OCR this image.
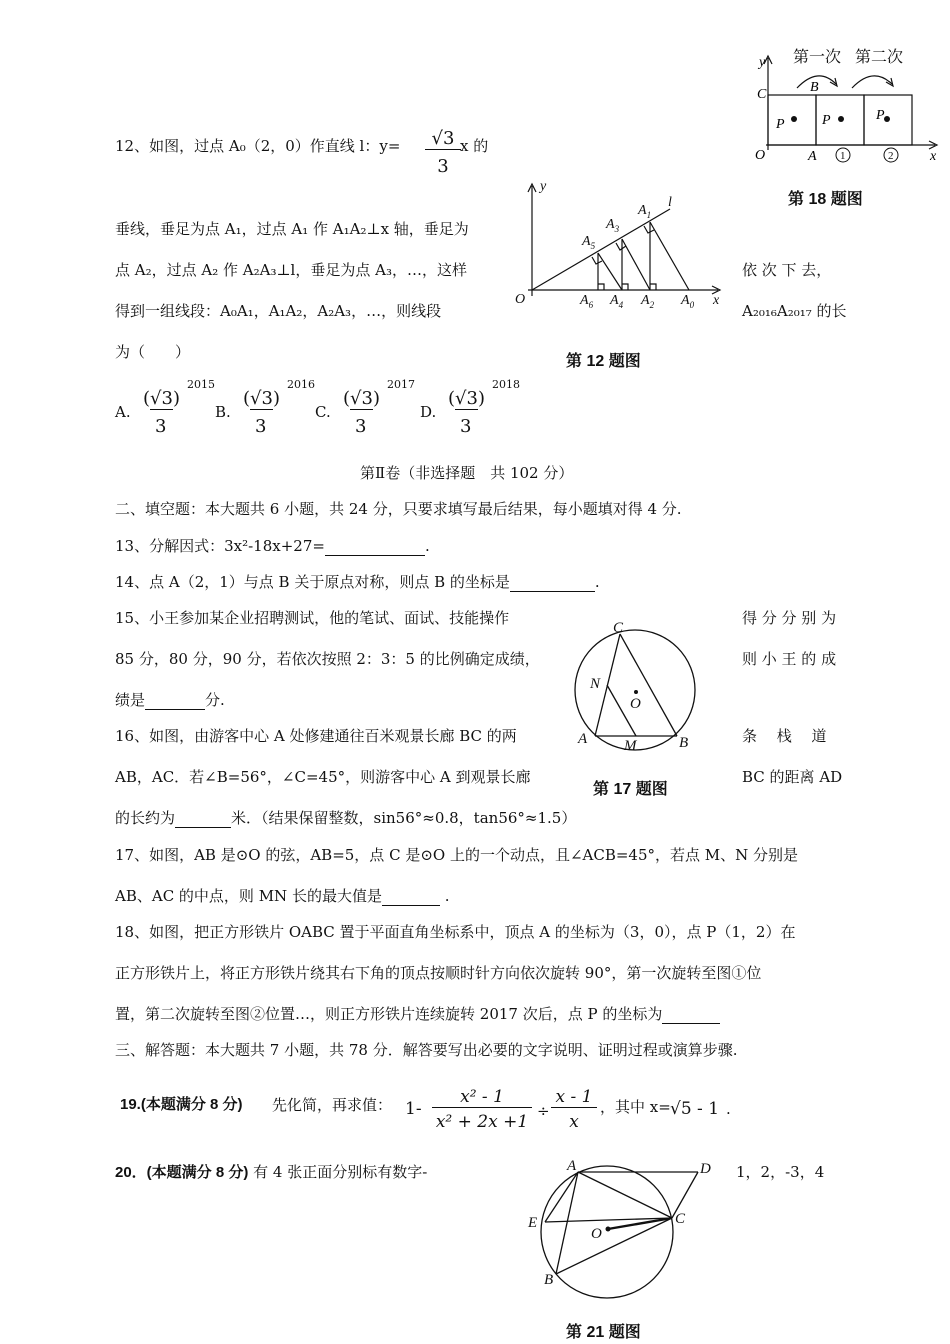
y
C	B
P	P	P
O	A	x
1	2
第一次 第二次
第 18 题图
12、如图，过点 A₀（2，0）作直线 l：$y= \frac{√3}{3}$ x 的
垂线，垂足为点 A₁，过点 A₁ 作 A₁A₂⊥x 轴，垂足为
点 A₂，过点 A₂ 作 A₂A₃⊥l，垂足为点 A₃，…，这样	依 次 下 去，
得到一组线段：A₀A₁，A₁A₂，A₂A₃，…，则线段	A₂₀₁₆A₂₀₁₇ 的长
为（　　）
y
l
$A_1$
$A_3$
$A_5$
O	$A_6$ $A_4$ $A_2$ $A_0$ x
第 12 题图
A.
(√3)
3
2015
B.
(√3)
3
2016
C.
(√3)
3
2017
D.
(√3)
3
2018
第Ⅱ卷（非选择题　共 102 分）
二、填空题：本大题共 6 小题，共 24 分，只要求填写最后结果，每小题填对得 4 分.
13、分解因式：3x²-18x+27=	.
14、点 A（2，1）与点 B 关于原点对称，则点 B 的坐标是	.
15、小王参加某企业招聘测试，他的笔试、面试、技能操作	得 分 分 别 为
85 分，80 分，90 分，若依次按照 2：3：5 的比例确定成绩，	则 小 王 的 成
绩是	分.
C
N
O
A M	B
16、如图，由游客中心 A 处修建通往百米观景长廊 BC 的两	条　 栈　 道
第 17 题图
AB，AC．若∠B=56°，∠C=45°，则游客中心 A 到观景长廊	BC 的距离 AD
的长约为	米．（结果保留整数，sin56°≈0.8，tan56°≈1.5）
17、如图，AB 是⊙O 的弦，AB=5，点 C 是⊙O 上的一个动点，且∠ACB=45°，若点 M、N 分别是
AB、AC 的中点，则 MN 长的最大值是	.
18、如图，把正方形铁片 OABC 置于平面直角坐标系中，顶点 A 的坐标为（3，0），点 P（1，2）在
正方形铁片上，将正方形铁片绕其右下角的顶点按顺时针方向依次旋转 90°，第一次旋转至图①位
置，第二次旋转至图②位置…，则正方形铁片连续旋转 2017 次后，点 P 的坐标为
三、解答题：本大题共 7 小题，共 78 分．解答要写出必要的文字说明、证明过程或演算步骤.
19.(本题满分 8 分) 先化简，再求值： $1- \frac{\text{x² - 1}}{\text{x² + 2x +1}} \div \frac{x - 1}{x}$ ，其中 x= √5 - 1 .
20．(本题满分 8 分) 有 4 张正面分别标有数字-	1，2，-3，4
A	D
E	C
O
B
第 21 题图
